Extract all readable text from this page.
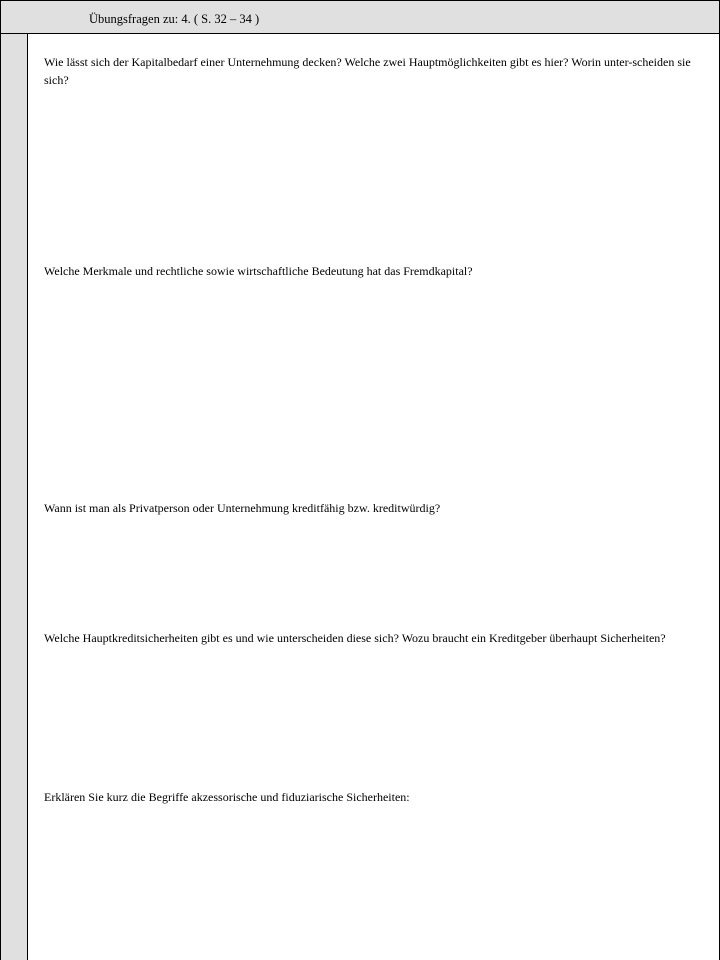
Übungsfragen zu: 4. ( S. 32 – 34 )
Wie lässt sich der Kapitalbedarf einer Unternehmung decken? Welche zwei Hauptmöglichkeiten gibt es hier? Worin unter-scheiden sie sich?
Welche Merkmale und rechtliche sowie wirtschaftliche Bedeutung hat das Fremdkapital?
Wann ist man als Privatperson oder Unternehmung kreditfähig bzw. kreditwürdig?
Welche Hauptkreditsicherheiten gibt es und wie unterscheiden diese sich? Wozu braucht ein Kreditgeber überhaupt Sicherheiten?
Erklären Sie kurz die Begriffe akzessorische und fiduziarische Sicherheiten:
